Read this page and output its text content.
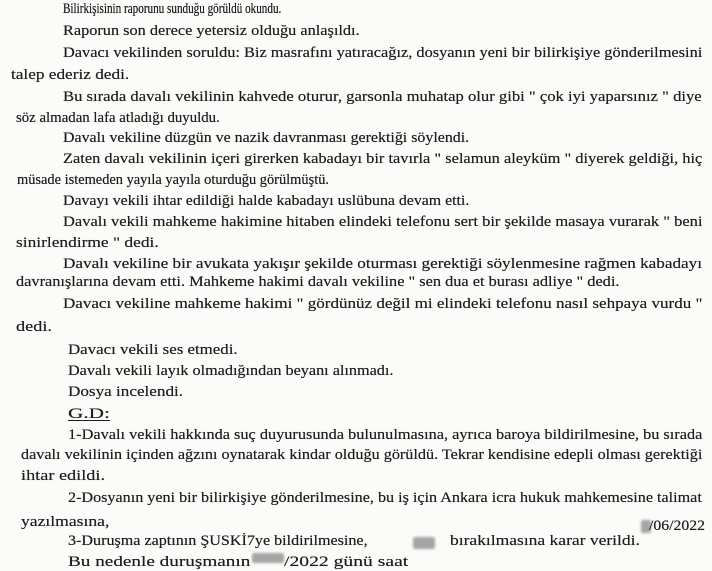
Bilirkişisinin raporunu sunduğu görüldü okundu.
Raporun son derece yetersiz olduğu anlaşıldı.
Davacı vekilinden soruldu: Biz masrafını yatıracağız, dosyanın yeni bir bilirkişiye gönderilmesini
talep ederiz dedi.
Bu sırada davalı vekilinin kahvede oturur, garsonla muhatap olur gibi " çok iyi yaparsınız " diye
söz almadan lafa atladığı duyuldu.
Davalı vekiline düzgün ve nazik davranması gerektiği söylendi.
Zaten davalı vekilinin içeri girerken kabadayı bir tavırla " selamun aleyküm " diyerek geldiği, hiç
müsade istemeden yayıla yayıla oturduğu görülmüştü.
Davayı vekili ihtar edildiği halde kabadayı uslübuna devam etti.
Davalı vekili mahkeme hakimine hitaben elindeki telefonu sert bir şekilde masaya vurarak " beni
sinirlendirme " dedi.
Davalı vekiline bir avukata yakışır şekilde oturması gerektiği söylenmesine rağmen kabadayı
davranışlarına devam etti. Mahkeme hakimi davalı vekiline " sen dua et burası adliye " dedi.
Davacı vekiline mahkeme hakimi " gördünüz değil mi elindeki telefonu nasıl sehpaya vurdu "
dedi.
Davacı vekili ses etmedi.
Davalı vekili layık olmadığından beyanı alınmadı.
Dosya incelendi.
G.D:
1-Davalı vekili hakkında suç duyurusunda bulunulmasına, ayrıca baroya bildirilmesine, bu sırada
davalı vekilinin içinden ağzını oynatarak kindar olduğu görüldü. Tekrar kendisine edepli olması gerektiği
ihtar edildi.
2-Dosyanın yeni bir bilirkişiye gönderilmesine, bu iş için Ankara icra hukuk mahkemesine talimat
yazılmasına,
3-Duruşma zaptının ŞUSKİ7ye bildirilmesine,	bırakılmasına karar verildi.
/06/2022
Bu nedenle duruşmanın /2022 günü saat
